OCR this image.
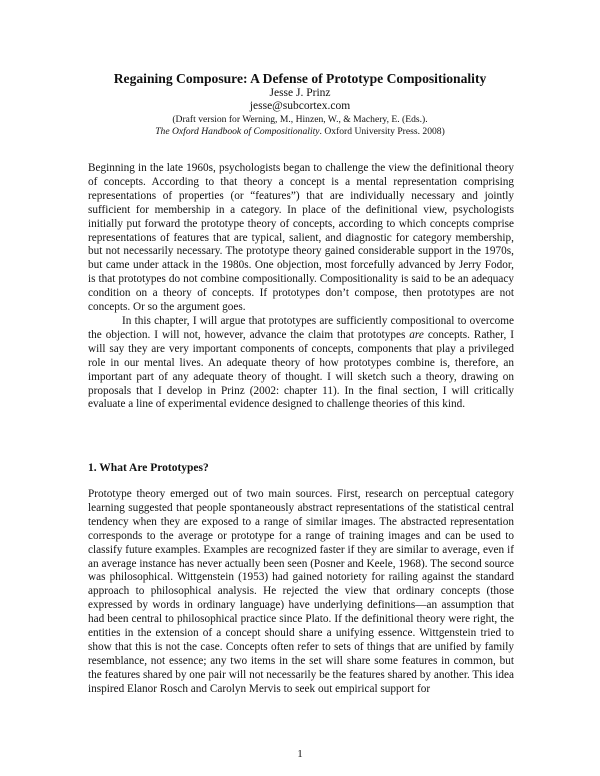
Regaining Composure: A Defense of Prototype Compositionality
Jesse J. Prinz
jesse@subcortex.com
(Draft version for Werning, M., Hinzen, W., & Machery, E. (Eds.).
The Oxford Handbook of Compositionality. Oxford University Press. 2008)

Beginning in the late 1960s, psychologists began to challenge the view the definitional theory of concepts. According to that theory a concept is a mental representation comprising representations of properties (or “features”) that are individually necessary and jointly sufficient for membership in a category. In place of the definitional view, psychologists initially put forward the prototype theory of concepts, according to which concepts comprise representations of features that are typical, salient, and diagnostic for category membership, but not necessarily necessary. The prototype theory gained considerable support in the 1970s, but came under attack in the 1980s. One objection, most forcefully advanced by Jerry Fodor, is that prototypes do not combine compositionally. Compositionality is said to be an adequacy condition on a theory of concepts. If prototypes don’t compose, then prototypes are not concepts. Or so the argument goes.

In this chapter, I will argue that prototypes are sufficiently compositional to overcome the objection. I will not, however, advance the claim that prototypes are concepts. Rather, I will say they are very important components of concepts, components that play a privileged role in our mental lives. An adequate theory of how prototypes combine is, therefore, an important part of any adequate theory of thought. I will sketch such a theory, drawing on proposals that I develop in Prinz (2002: chapter 11). In the final section, I will critically evaluate a line of experimental evidence designed to challenge theories of this kind.

1. What Are Prototypes?

Prototype theory emerged out of two main sources. First, research on perceptual category learning suggested that people spontaneously abstract representations of the statistical central tendency when they are exposed to a range of similar images. The abstracted representation corresponds to the average or prototype for a range of training images and can be used to classify future examples. Examples are recognized faster if they are similar to average, even if an average instance has never actually been seen (Posner and Keele, 1968). The second source was philosophical. Wittgenstein (1953) had gained notoriety for railing against the standard approach to philosophical analysis. He rejected the view that ordinary concepts (those expressed by words in ordinary language) have underlying definitions—an assumption that had been central to philosophical practice since Plato. If the definitional theory were right, the entities in the extension of a concept should share a unifying essence. Wittgenstein tried to show that this is not the case. Concepts often refer to sets of things that are unified by family resemblance, not essence; any two items in the set will share some features in common, but the features shared by one pair will not necessarily be the features shared by another. This idea inspired Elanor Rosch and Carolyn Mervis to seek out empirical support for

1
